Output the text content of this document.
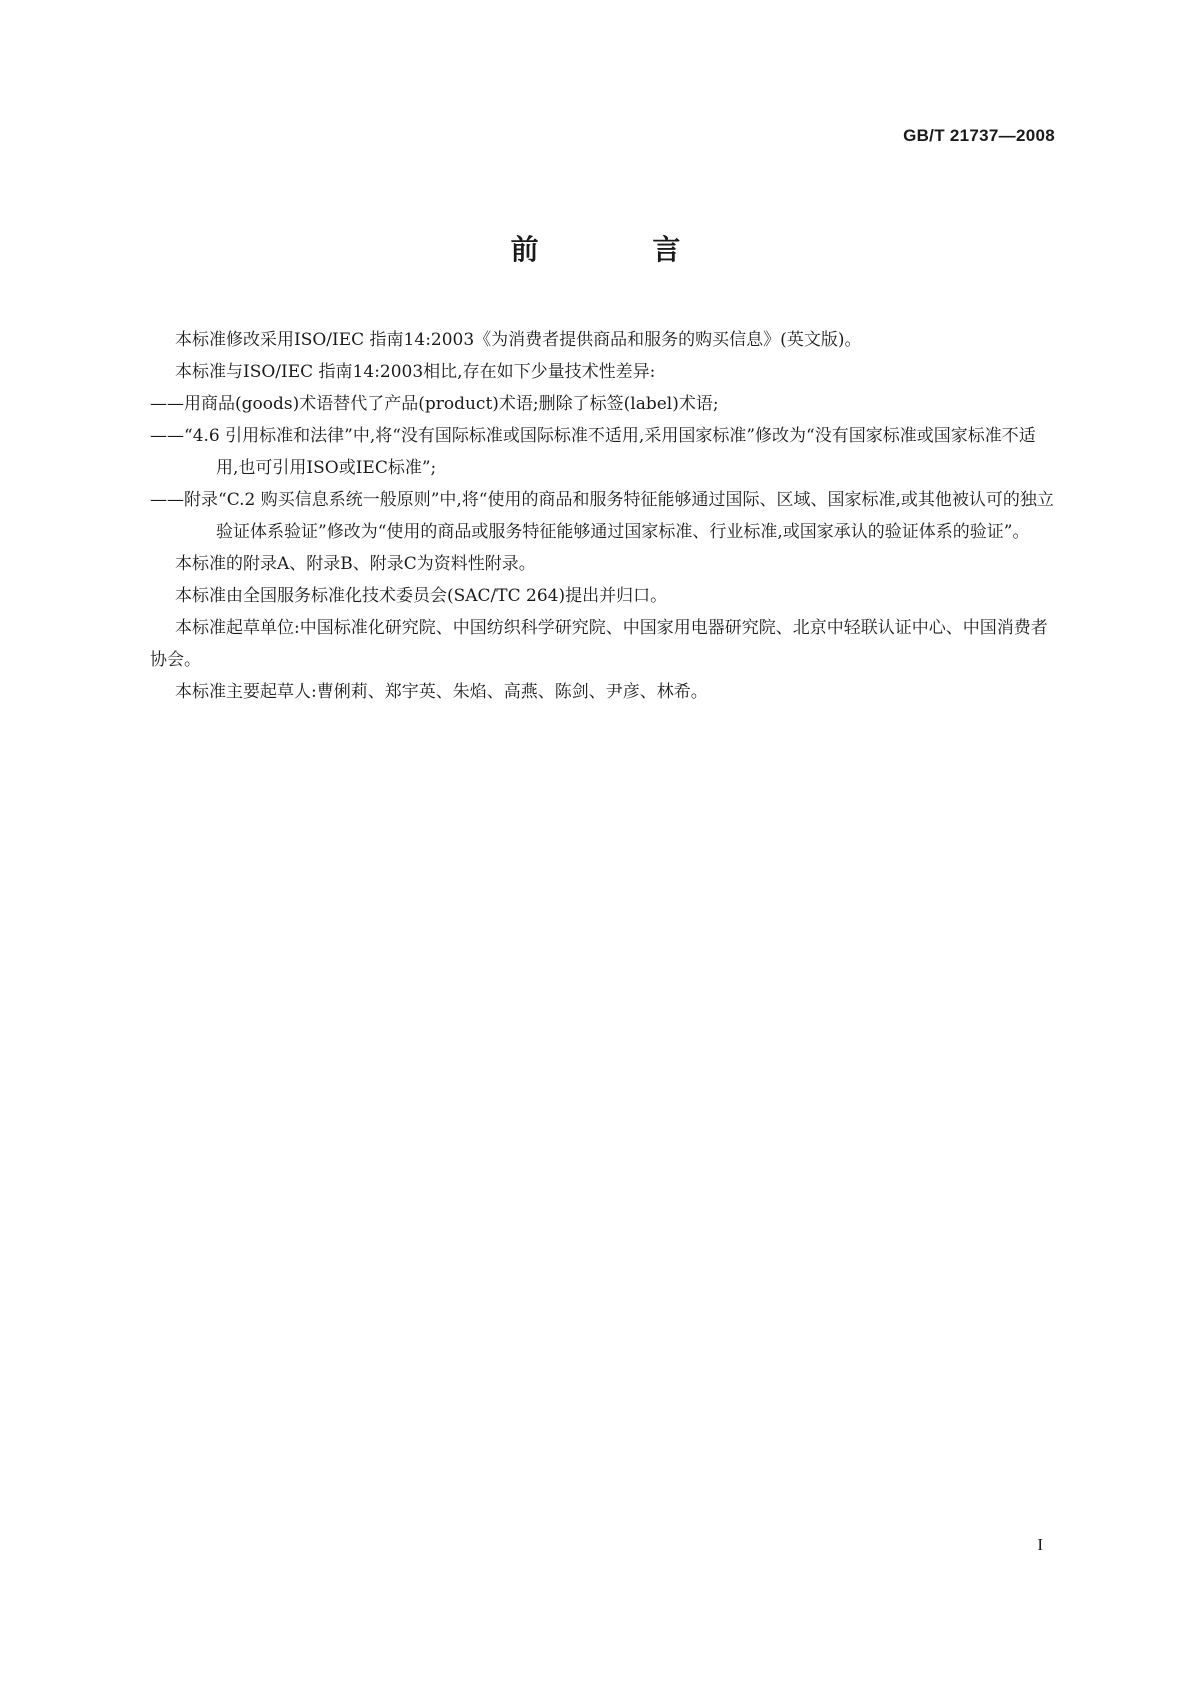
GB/T 21737—2008
前 言

本标准修改采用ISO/IEC 指南14:2003《为消费者提供商品和服务的购买信息》(英文版)。

本标准与ISO/IEC 指南14:2003相比,存在如下少量技术性差异:

——用商品(goods)术语替代了产品(product)术语;删除了标签(label)术语;

——“4.6 引用标准和法律”中,将“没有国际标准或国际标准不适用,采用国家标准”修改为“没有国家标准或国家标准不适用,也可引用ISO或IEC标准”;

——附录“C.2 购买信息系统一般原则”中,将“使用的商品和服务特征能够通过国际、区域、国家标准,或其他被认可的独立验证体系验证”修改为“使用的商品或服务特征能够通过国家标准、行业标准,或国家承认的验证体系的验证”。

本标准的附录A、附录B、附录C为资料性附录。

本标准由全国服务标准化技术委员会(SAC/TC 264)提出并归口。

本标准起草单位:中国标准化研究院、中国纺织科学研究院、中国家用电器研究院、北京中轻联认证中心、中国消费者协会。

本标准主要起草人:曹俐莉、郑宇英、朱焰、高燕、陈剑、尹彦、林希。

I
